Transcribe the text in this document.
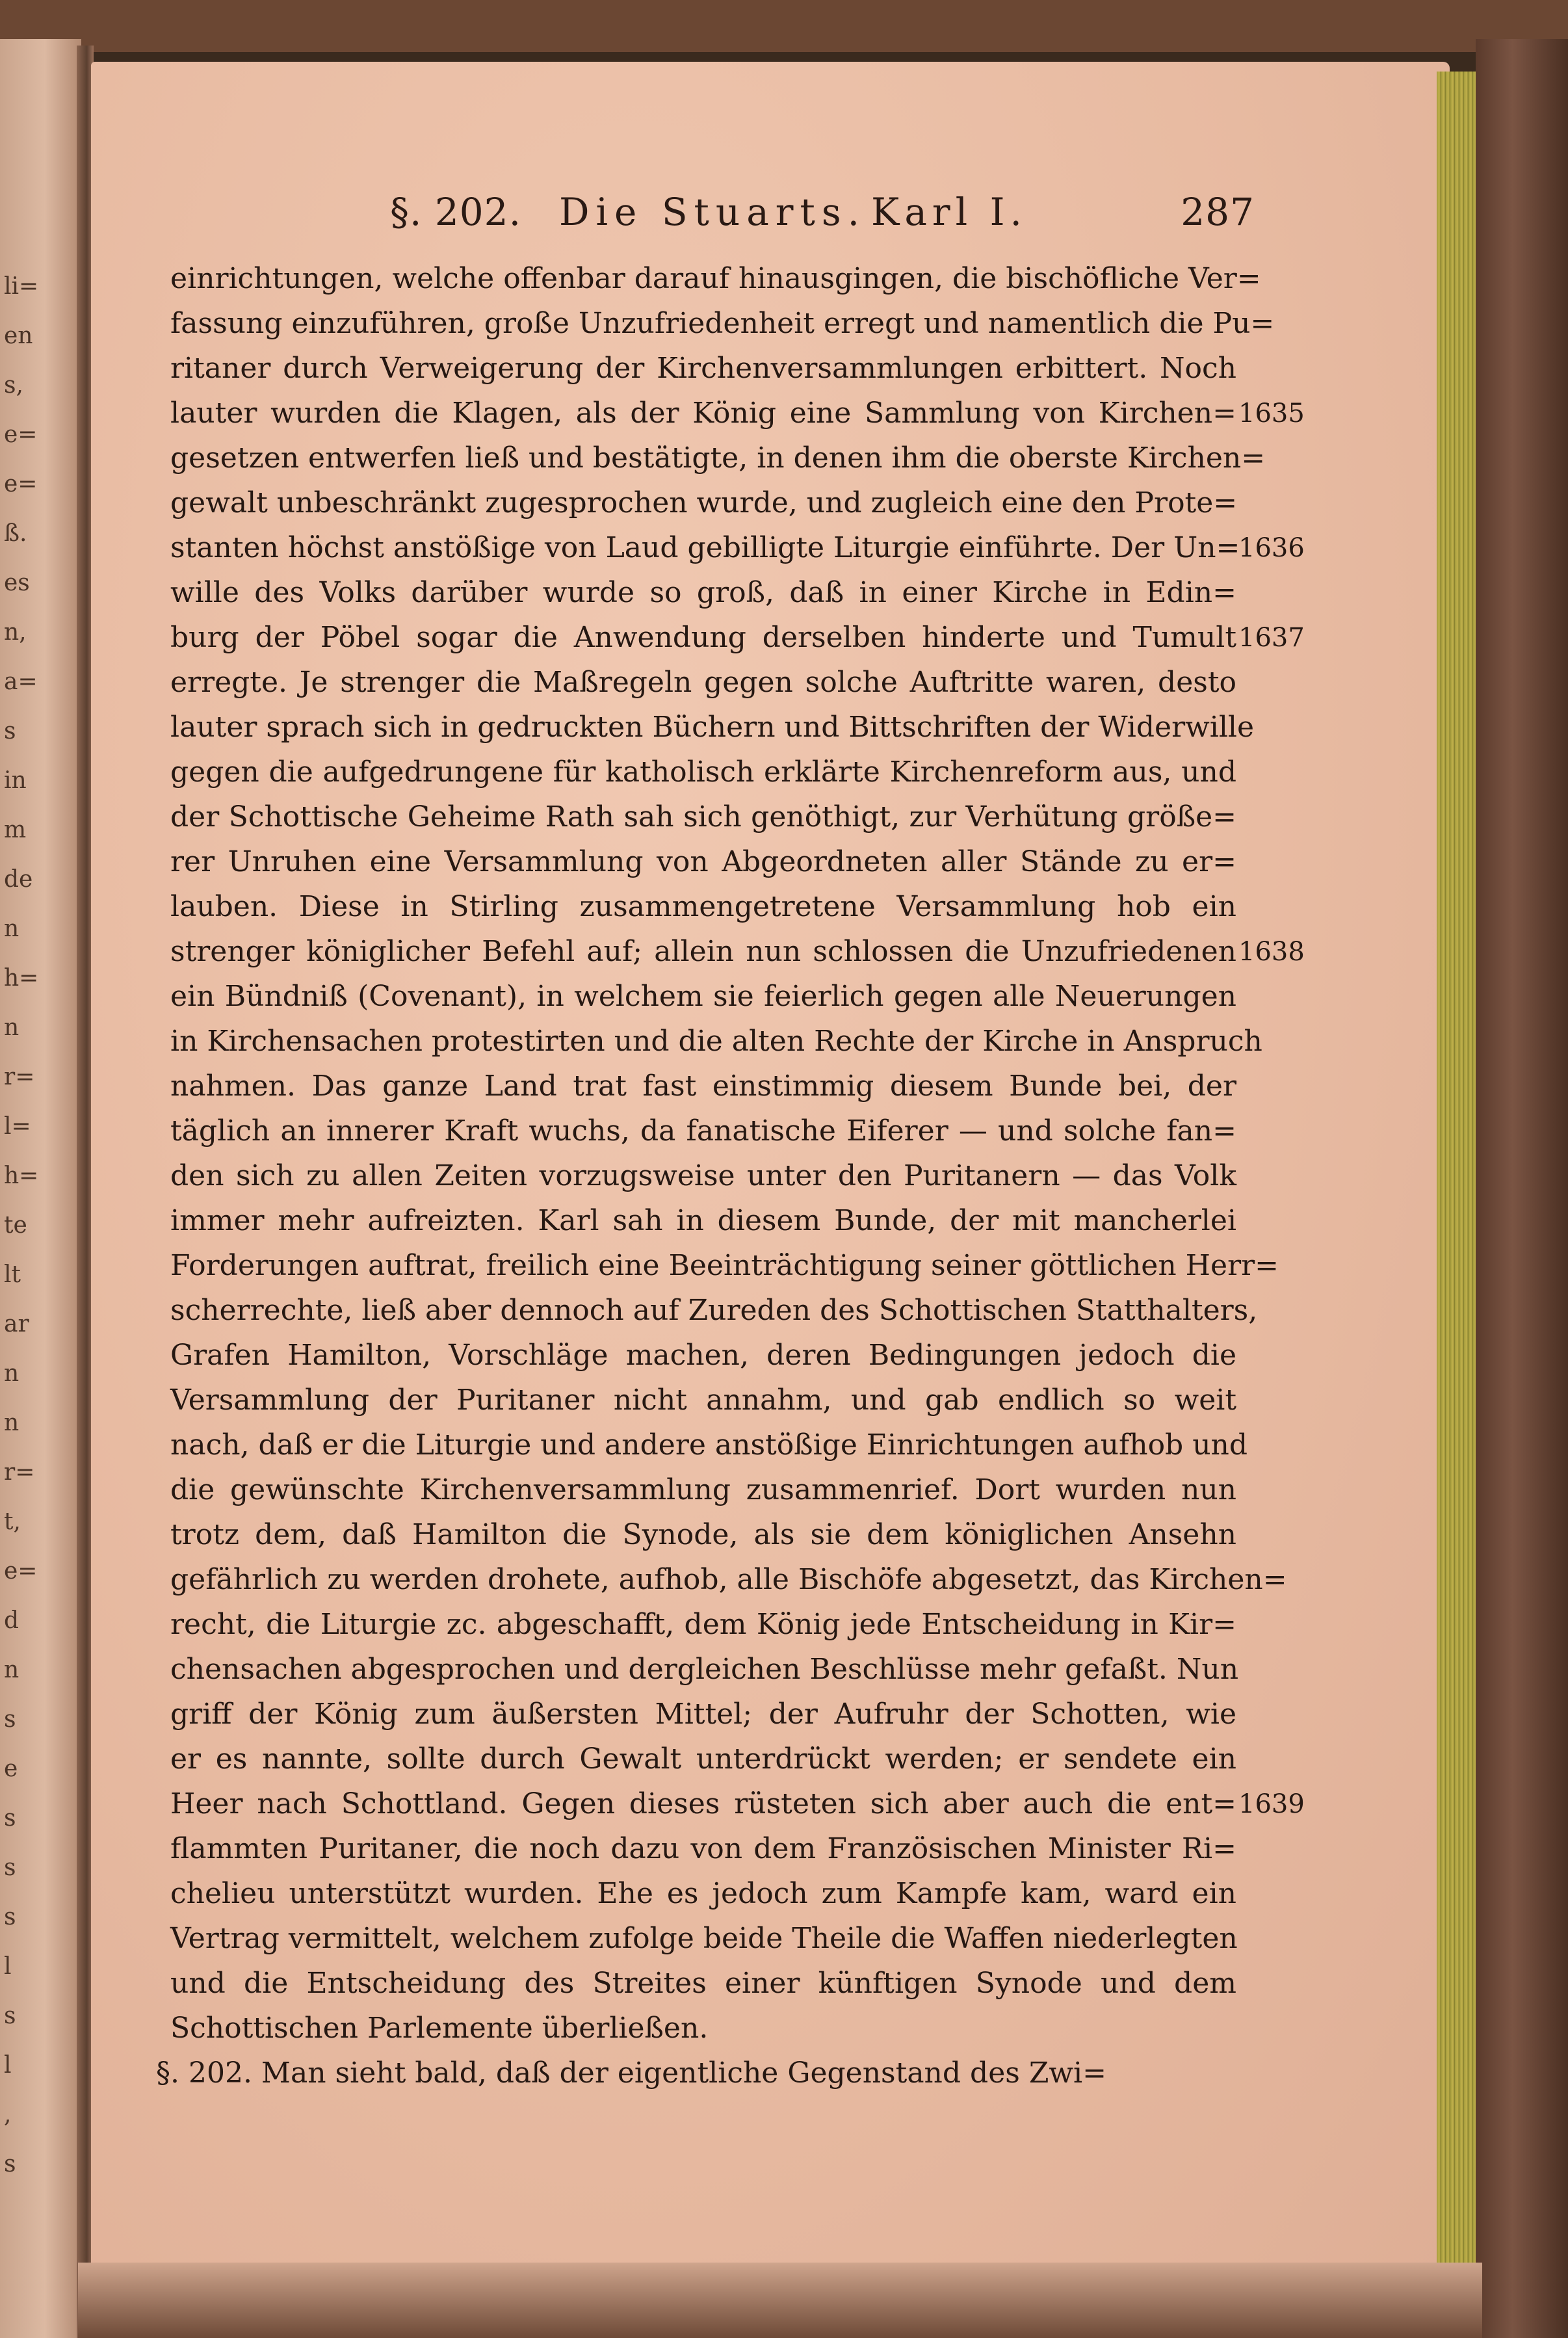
li=
en
s,
e=
e=
ß.
es
n,
a=
s
in
m
de
n
h=
n
r=
l=
h=
te
lt
ar
n
n
r=
t,
e=
d
n
s
e
s
s
s
l
s
l
,
s
§. 202. Die Stuarts. Karl I.	287
einrichtungen, welche offenbar darauf hinausgingen, die bischöfliche Ver=
fassung einzuführen, große Unzufriedenheit erregt und namentlich die Pu=
ritaner durch Verweigerung der Kirchenversammlungen erbittert. Noch
lauter wurden die Klagen, als der König eine Sammlung von Kirchen=
gesetzen entwerfen ließ und bestätigte, in denen ihm die oberste Kirchen=
gewalt unbeschränkt zugesprochen wurde, und zugleich eine den Prote=
stanten höchst anstößige von Laud gebilligte Liturgie einführte. Der Un=
wille des Volks darüber wurde so groß, daß in einer Kirche in Edin=
burg der Pöbel sogar die Anwendung derselben hinderte und Tumult
erregte. Je strenger die Maßregeln gegen solche Auftritte waren, desto
lauter sprach sich in gedruckten Büchern und Bittschriften der Widerwille
gegen die aufgedrungene für katholisch erklärte Kirchenreform aus, und
der Schottische Geheime Rath sah sich genöthigt, zur Verhütung größe=
rer Unruhen eine Versammlung von Abgeordneten aller Stände zu er=
lauben. Diese in Stirling zusammengetretene Versammlung hob ein
strenger königlicher Befehl auf; allein nun schlossen die Unzufriedenen
ein Bündniß (Covenant), in welchem sie feierlich gegen alle Neuerungen
in Kirchensachen protestirten und die alten Rechte der Kirche in Anspruch
nahmen. Das ganze Land trat fast einstimmig diesem Bunde bei, der
täglich an innerer Kraft wuchs, da fanatische Eiferer — und solche fan=
den sich zu allen Zeiten vorzugsweise unter den Puritanern — das Volk
immer mehr aufreizten. Karl sah in diesem Bunde, der mit mancherlei
Forderungen auftrat, freilich eine Beeinträchtigung seiner göttlichen Herr=
scherrechte, ließ aber dennoch auf Zureden des Schottischen Statthalters,
Grafen Hamilton, Vorschläge machen, deren Bedingungen jedoch die
Versammlung der Puritaner nicht annahm, und gab endlich so weit
nach, daß er die Liturgie und andere anstößige Einrichtungen aufhob und
die gewünschte Kirchenversammlung zusammenrief. Dort wurden nun
trotz dem, daß Hamilton die Synode, als sie dem königlichen Ansehn
gefährlich zu werden drohete, aufhob, alle Bischöfe abgesetzt, das Kirchen=
recht, die Liturgie zc. abgeschafft, dem König jede Entscheidung in Kir=
chensachen abgesprochen und dergleichen Beschlüsse mehr gefaßt. Nun
griff der König zum äußersten Mittel; der Aufruhr der Schotten, wie
er es nannte, sollte durch Gewalt unterdrückt werden; er sendete ein
Heer nach Schottland. Gegen dieses rüsteten sich aber auch die ent=
flammten Puritaner, die noch dazu von dem Französischen Minister Ri=
chelieu unterstützt wurden. Ehe es jedoch zum Kampfe kam, ward ein
Vertrag vermittelt, welchem zufolge beide Theile die Waffen niederlegten
und die Entscheidung des Streites einer künftigen Synode und dem
Schottischen Parlemente überließen.
§. 202. Man sieht bald, daß der eigentliche Gegenstand des Zwi=
1635
1636
1637
1638
1639
